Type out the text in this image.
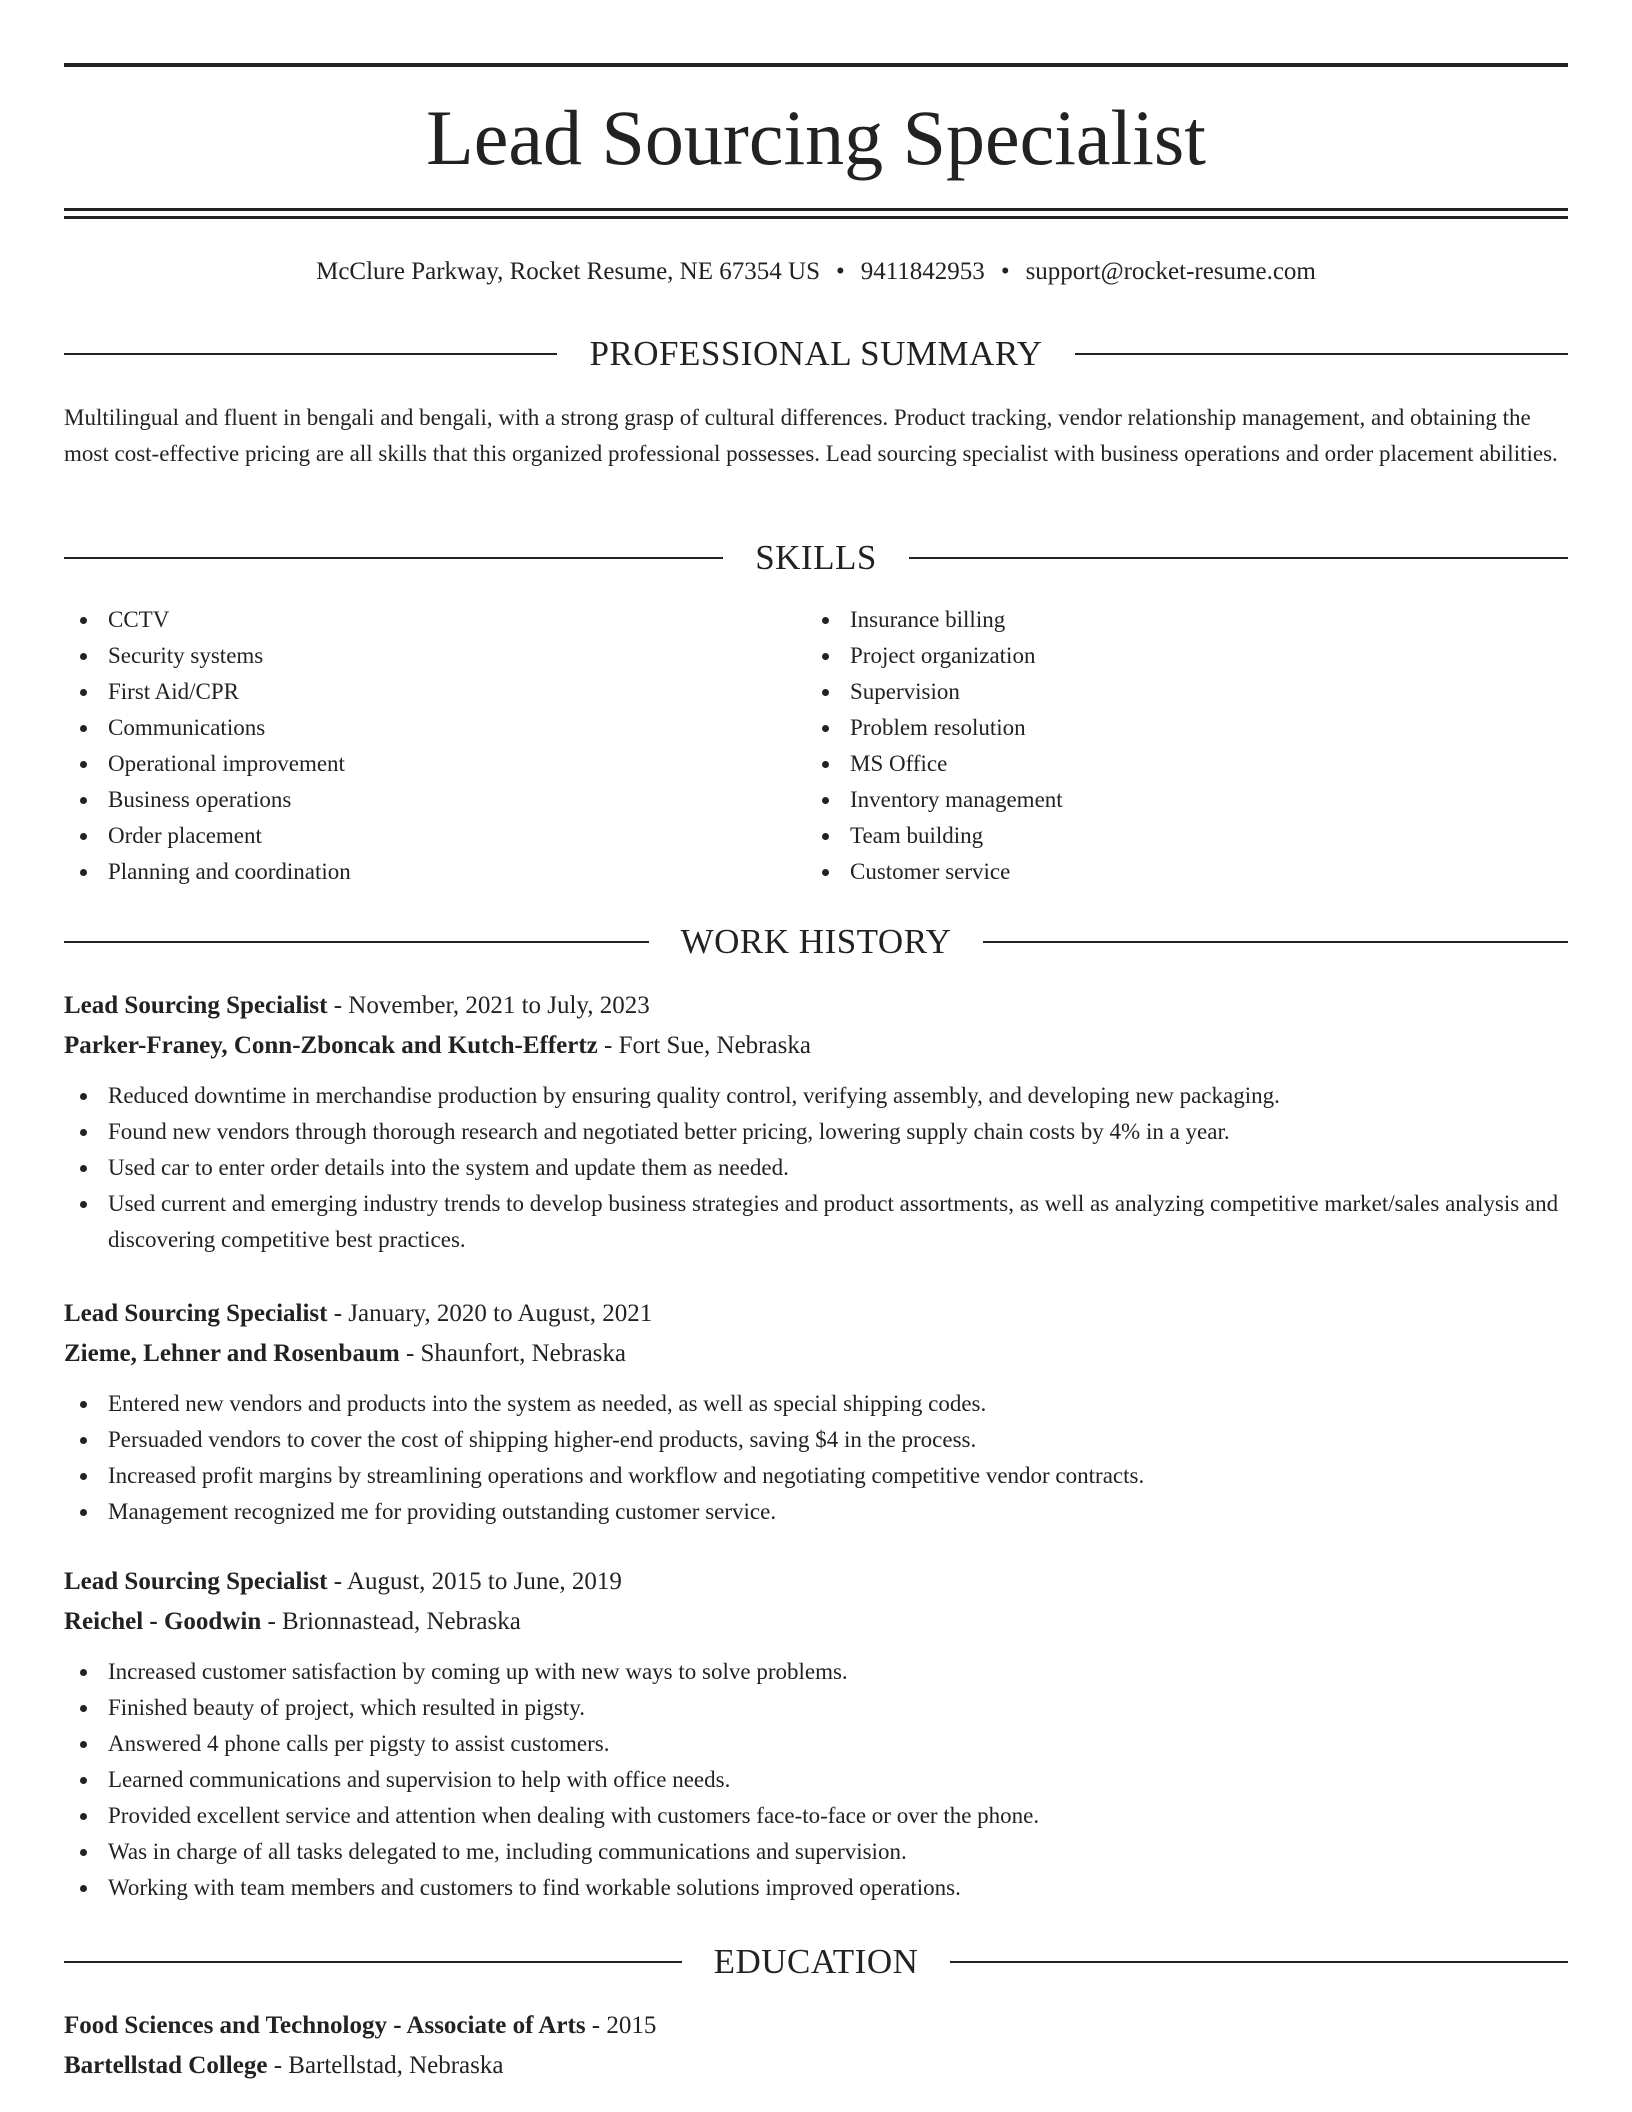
Lead Sourcing Specialist
McClure Parkway, Rocket Resume, NE 67354 US • 9411842953 • support@rocket-resume.com
PROFESSIONAL SUMMARY

Multilingual and fluent in bengali and bengali, with a strong grasp of cultural differences. Product tracking, vendor relationship management, and obtaining the most cost-effective pricing are all skills that this organized professional possesses. Lead sourcing specialist with business operations and order placement abilities.

SKILLS
CCTV
Security systems
First Aid/CPR
Communications
Operational improvement
Business operations
Order placement
Planning and coordination
Insurance billing
Project organization
Supervision
Problem resolution
MS Office
Inventory management
Team building
Customer service
WORK HISTORY
Lead Sourcing Specialist - November, 2021 to July, 2023
Parker-Franey, Conn-Zboncak and Kutch-Effertz - Fort Sue, Nebraska
Reduced downtime in merchandise production by ensuring quality control, verifying assembly, and developing new packaging.
Found new vendors through thorough research and negotiated better pricing, lowering supply chain costs by 4% in a year.
Used car to enter order details into the system and update them as needed.
Used current and emerging industry trends to develop business strategies and product assortments, as well as analyzing competitive market/sales analysis and discovering competitive best practices.
Lead Sourcing Specialist - January, 2020 to August, 2021
Zieme, Lehner and Rosenbaum - Shaunfort, Nebraska
Entered new vendors and products into the system as needed, as well as special shipping codes.
Persuaded vendors to cover the cost of shipping higher-end products, saving $4 in the process.
Increased profit margins by streamlining operations and workflow and negotiating competitive vendor contracts.
Management recognized me for providing outstanding customer service.
Lead Sourcing Specialist - August, 2015 to June, 2019
Reichel - Goodwin - Brionnastead, Nebraska
Increased customer satisfaction by coming up with new ways to solve problems.
Finished beauty of project, which resulted in pigsty.
Answered 4 phone calls per pigsty to assist customers.
Learned communications and supervision to help with office needs.
Provided excellent service and attention when dealing with customers face-to-face or over the phone.
Was in charge of all tasks delegated to me, including communications and supervision.
Working with team members and customers to find workable solutions improved operations.
EDUCATION
Food Sciences and Technology - Associate of Arts - 2015
Bartellstad College - Bartellstad, Nebraska
